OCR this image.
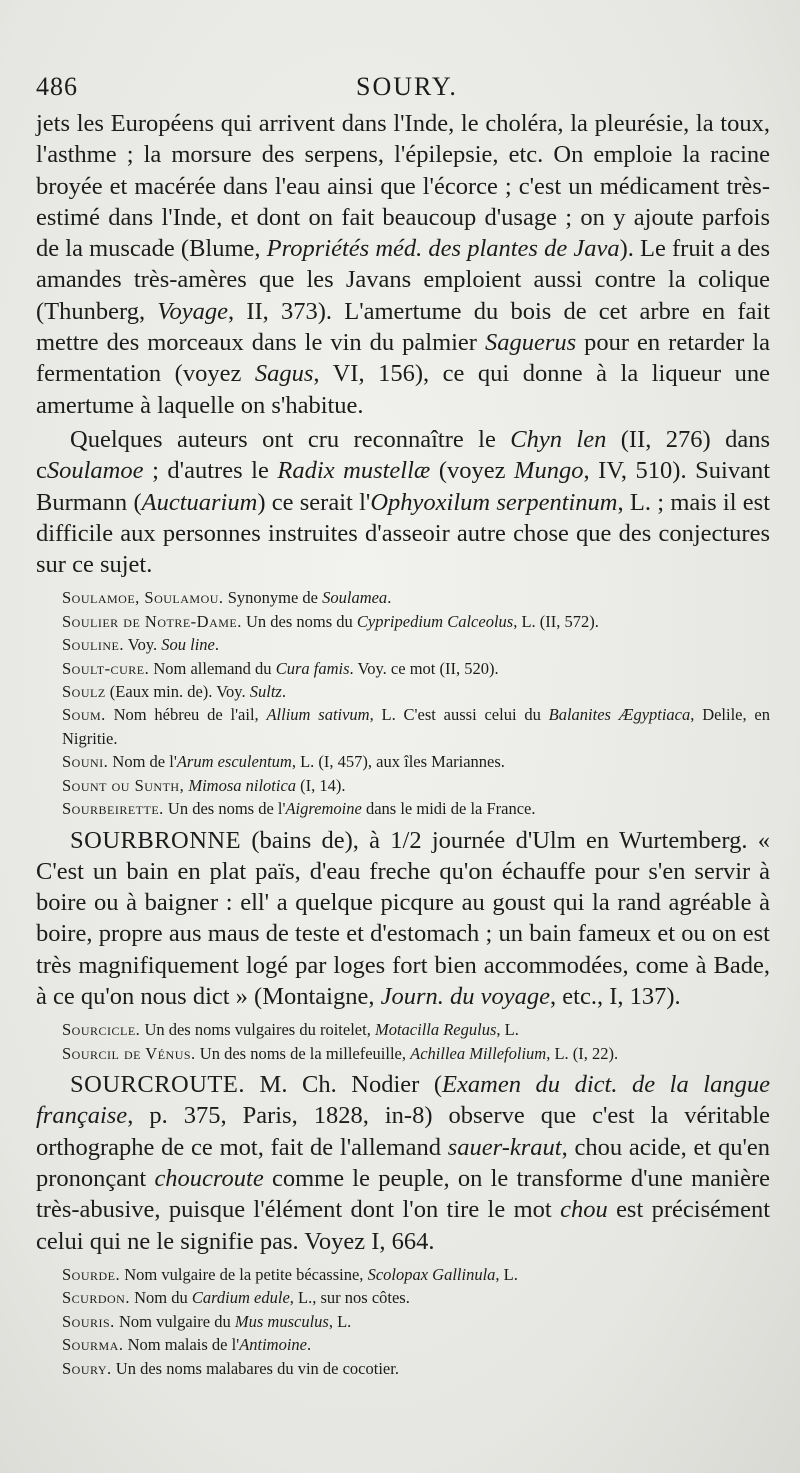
486	SOURY.

jets les Européens qui arrivent dans l'Inde, le choléra, la pleurésie, la toux, l'asthme ; la morsure des serpens, l'épilepsie, etc. On emploie la racine broyée et macérée dans l'eau ainsi que l'écorce ; c'est un médicament très-estimé dans l'Inde, et dont on fait beaucoup d'usage ; on y ajoute parfois de la muscade (Blume, Propriétés méd. des plantes de Java). Le fruit a des amandes très-amères que les Javans emploient aussi contre la colique (Thunberg, Voyage, II, 373). L'amertume du bois de cet arbre en fait mettre des morceaux dans le vin du palmier Saguerus pour en retarder la fermentation (voyez Sagus, VI, 156), ce qui donne à la liqueur une amertume à laquelle on s'habitue.

Quelques auteurs ont cru reconnaître le Chyn len (II, 276) dans cSoulamoe ; d'autres le Radix mustellæ (voyez Mungo, IV, 510). Suivant Burmann (Auctuarium) ce serait l'Ophyoxilum serpentinum, L. ; mais il est difficile aux personnes instruites d'asseoir autre chose que des conjectures sur ce sujet.

Soulamoe, Soulamou. Synonyme de Soulamea.
Soulier de Notre-Dame. Un des noms du Cypripedium Calceolus, L. (II, 572).
Souline. Voy. Sou line.
Soult-cure. Nom allemand du Cura famis. Voy. ce mot (II, 520).
Soulz (Eaux min. de). Voy. Sultz.
Soum. Nom hébreu de l'ail, Allium sativum, L. C'est aussi celui du Balanites Ægyptiaca, Delile, en Nigritie.
Souni. Nom de l'Arum esculentum, L. (I, 457), aux îles Mariannes.
Sount ou Sunth, Mimosa nilotica (I, 14).
Sourbeirette. Un des noms de l'Aigremoine dans le midi de la France.

SOURBRONNE (bains de), à 1/2 journée d'Ulm en Wurtemberg. « C'est un bain en plat païs, d'eau freche qu'on échauffe pour s'en servir à boire ou à baigner : ell' a quelque picqure au goust qui la rand agréable à boire, propre aus maus de teste et d'estomach ; un bain fameux et ou on est très magnifiquement logé par loges fort bien accommodées, come à Bade, à ce qu'on nous dict » (Montaigne, Journ. du voyage, etc., I, 137).

Sourcicle. Un des noms vulgaires du roitelet, Motacilla Regulus, L.
Sourcil de Vénus. Un des noms de la millefeuille, Achillea Millefolium, L. (I, 22).

SOURCROUTE. M. Ch. Nodier (Examen du dict. de la langue française, p. 375, Paris, 1828, in-8) observe que c'est la véritable orthographe de ce mot, fait de l'allemand sauer-kraut, chou acide, et qu'en prononçant choucroute comme le peuple, on le transforme d'une manière très-abusive, puisque l'élément dont l'on tire le mot chou est précisément celui qui ne le signifie pas. Voyez I, 664.

Sourde. Nom vulgaire de la petite bécassine, Scolopax Gallinula, L.
Scurdon. Nom du Cardium edule, L., sur nos côtes.
Souris. Nom vulgaire du Mus musculus, L.
Sourma. Nom malais de l'Antimoine.
Soury. Un des noms malabares du vin de cocotier.
